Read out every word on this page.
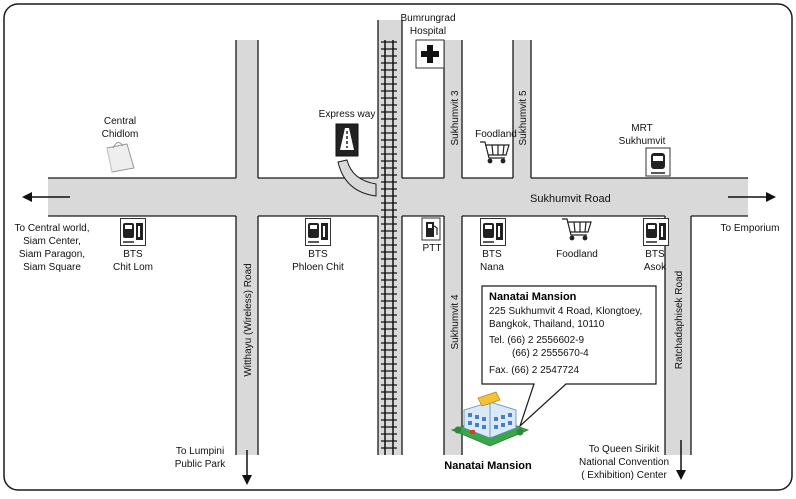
Sukhumvit Road
Sukhumvit 3	Sukhumvit 5
Sukhumvit 4
Witthayu (Wireless) Road	Ratchadaphisek Road
To Central world,
Siam Center,
Siam Paragon,
Siam Square
To Emporium
To Lumpini
Public Park
To Queen Sirikit
National Convention
( Exhibition) Center
Bumrungrad
Hospital
Central
Chidlom
Express way
Foodland
MRT
Sukhumvit
BTS
Chit Lom
BTS
Phloen Chit
PTT
BTS
Nana
Foodland	BTS
Asok
Nanatai Mansion
225 Sukhumvit 4 Road, Klongtoey,
Bangkok, Thailand, 10110
Tel. (66) 2 2556602-9
(66) 2 2555670-4
Fax. (66) 2 2547724
Nanatai Mansion
